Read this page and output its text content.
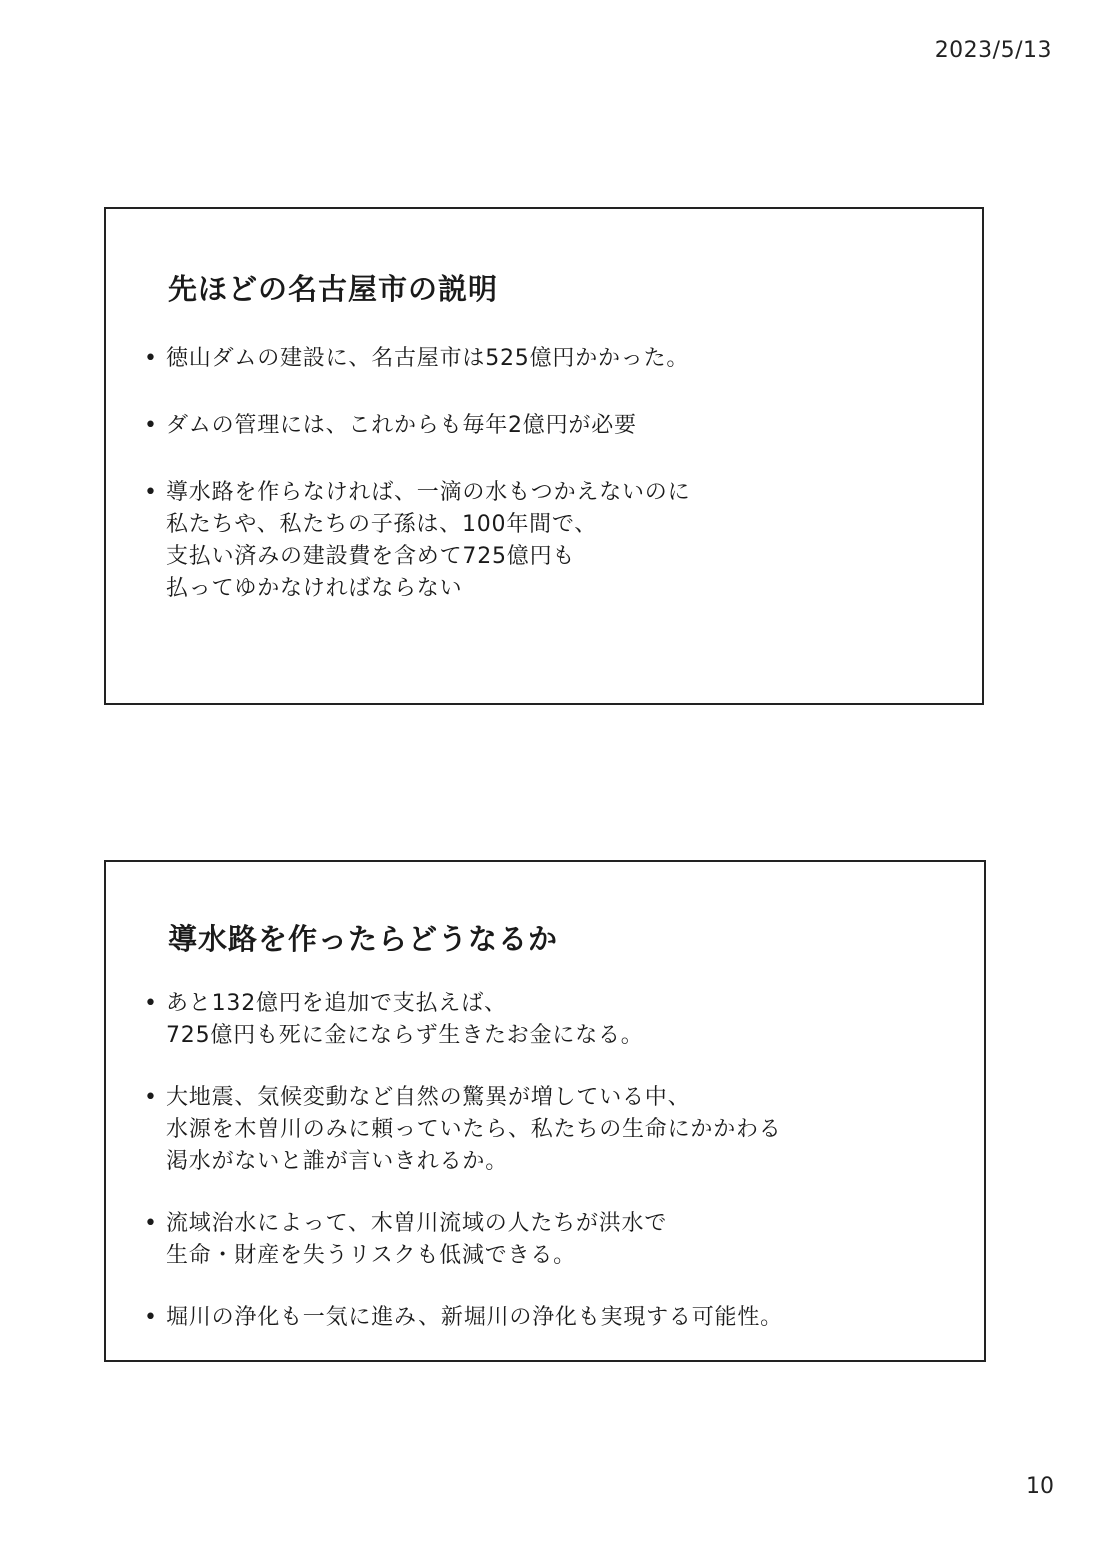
2023/5/13
先ほどの名古屋市の説明
• 徳山ダムの建設に、名古屋市は525億円かかった。
• ダムの管理には、これからも毎年2億円が必要
• 導水路を作らなければ、一滴の水もつかえないのに
私たちや、私たちの子孫は、100年間で、
支払い済みの建設費を含めて725億円も
払ってゆかなければならない
導水路を作ったらどうなるか
• あと132億円を追加で支払えば、
725億円も死に金にならず生きたお金になる。
• 大地震、気候変動など自然の驚異が増している中、
水源を木曽川のみに頼っていたら、私たちの生命にかかわる
渇水がないと誰が言いきれるか。
• 流域治水によって、木曽川流域の人たちが洪水で
生命・財産を失うリスクも低減できる。
• 堀川の浄化も一気に進み、新堀川の浄化も実現する可能性。
10
